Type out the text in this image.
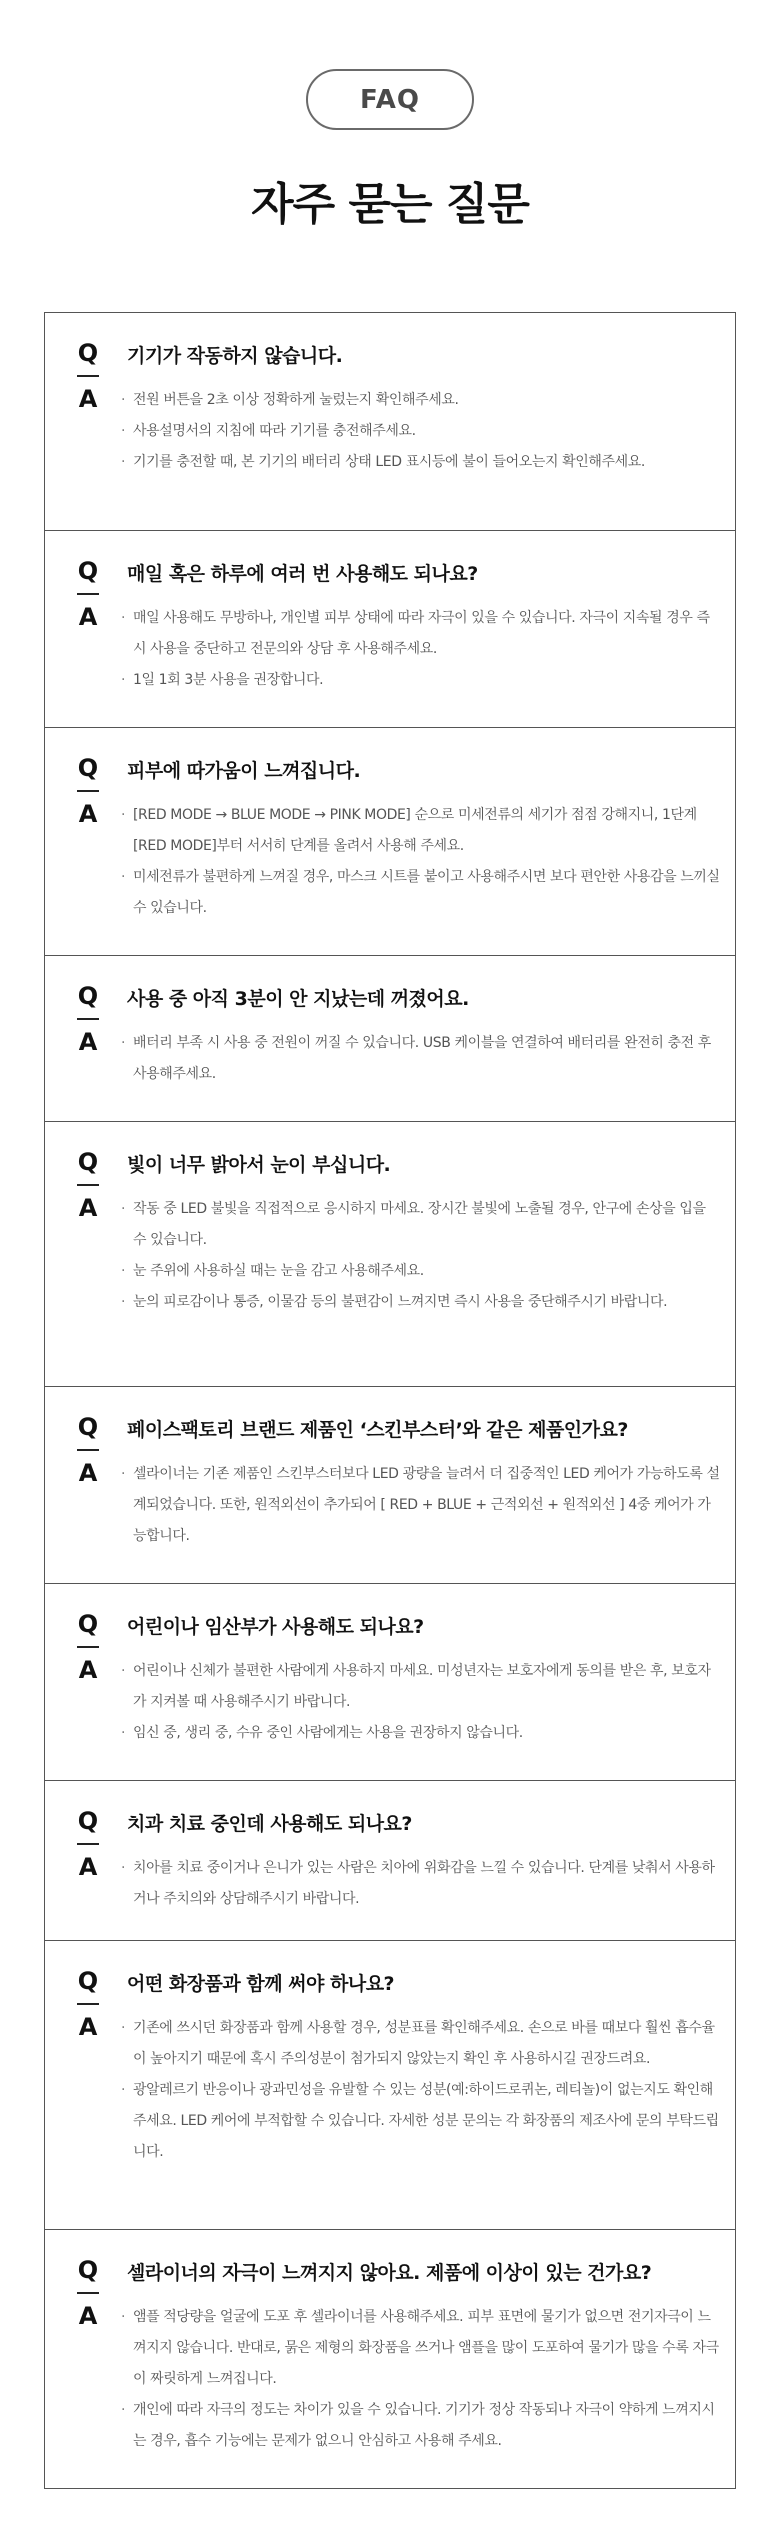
FAQ
자주 묻는 질문
Q
A
기기가 작동하지 않습니다.
· 전원 버튼을 2초 이상 정확하게 눌렀는지 확인해주세요.
· 사용설명서의 지침에 따라 기기를 충전해주세요.
· 기기를 충전할 때, 본 기기의 배터리 상태 LED 표시등에 불이 들어오는지 확인해주세요.
Q
A
매일 혹은 하루에 여러 번 사용해도 되나요?
· 매일 사용해도 무방하나, 개인별 피부 상태에 따라 자극이 있을 수 있습니다. 자극이 지속될 경우 즉시 사용을 중단하고 전문의와 상담 후 사용해주세요.
· 1일 1회 3분 사용을 권장합니다.
Q
A
피부에 따가움이 느껴집니다.
· [RED MODE → BLUE MODE → PINK MODE] 순으로 미세전류의 세기가 점점 강해지니, 1단계 [RED MODE]부터 서서히 단계를 올려서 사용해 주세요.
· 미세전류가 불편하게 느껴질 경우, 마스크 시트를 붙이고 사용해주시면 보다 편안한 사용감을 느끼실 수 있습니다.
Q
A
사용 중 아직 3분이 안 지났는데 꺼졌어요.
· 배터리 부족 시 사용 중 전원이 꺼질 수 있습니다. USB 케이블을 연결하여 배터리를 완전히 충전 후 사용해주세요.
Q
A
빛이 너무 밝아서 눈이 부십니다.
· 작동 중 LED 불빛을 직접적으로 응시하지 마세요. 장시간 불빛에 노출될 경우, 안구에 손상을 입을 수 있습니다.
· 눈 주위에 사용하실 때는 눈을 감고 사용해주세요.
· 눈의 피로감이나 통증, 이물감 등의 불편감이 느껴지면 즉시 사용을 중단해주시기 바랍니다.
Q
A
페이스팩토리 브랜드 제품인 ‘스킨부스터’와 같은 제품인가요?
· 셀라이너는 기존 제품인 스킨부스터보다 LED 광량을 늘려서 더 집중적인 LED 케어가 가능하도록 설계되었습니다. 또한, 원적외선이 추가되어 [ RED + BLUE + 근적외선 + 원적외선 ] 4중 케어가 가능합니다.
Q
A
어린이나 임산부가 사용해도 되나요?
· 어린이나 신체가 불편한 사람에게 사용하지 마세요. 미성년자는 보호자에게 동의를 받은 후, 보호자가 지켜볼 때 사용해주시기 바랍니다.
· 임신 중, 생리 중, 수유 중인 사람에게는 사용을 권장하지 않습니다.
Q
A
치과 치료 중인데 사용해도 되나요?
· 치아를 치료 중이거나 은니가 있는 사람은 치아에 위화감을 느낄 수 있습니다. 단계를 낮춰서 사용하거나 주치의와 상담해주시기 바랍니다.
Q
A
어떤 화장품과 함께 써야 하나요?
· 기존에 쓰시던 화장품과 함께 사용할 경우, 성분표를 확인해주세요. 손으로 바를 때보다 훨씬 흡수율이 높아지기 때문에 혹시 주의성분이 첨가되지 않았는지 확인 후 사용하시길 권장드려요.
· 광알레르기 반응이나 광과민성을 유발할 수 있는 성분(예:하이드로퀴논, 레티놀)이 없는지도 확인해주세요. LED 케어에 부적합할 수 있습니다. 자세한 성분 문의는 각 화장품의 제조사에 문의 부탁드립니다.
Q
A
셀라이너의 자극이 느껴지지 않아요. 제품에 이상이 있는 건가요?
· 앰플 적당량을 얼굴에 도포 후 셀라이너를 사용해주세요. 피부 표면에 물기가 없으면 전기자극이 느껴지지 않습니다. 반대로, 묽은 제형의 화장품을 쓰거나 앰플을 많이 도포하여 물기가 많을 수록 자극이 짜릿하게 느껴집니다.
· 개인에 따라 자극의 정도는 차이가 있을 수 있습니다. 기기가 정상 작동되나 자극이 약하게 느껴지시는 경우, 흡수 기능에는 문제가 없으니 안심하고 사용해 주세요.
